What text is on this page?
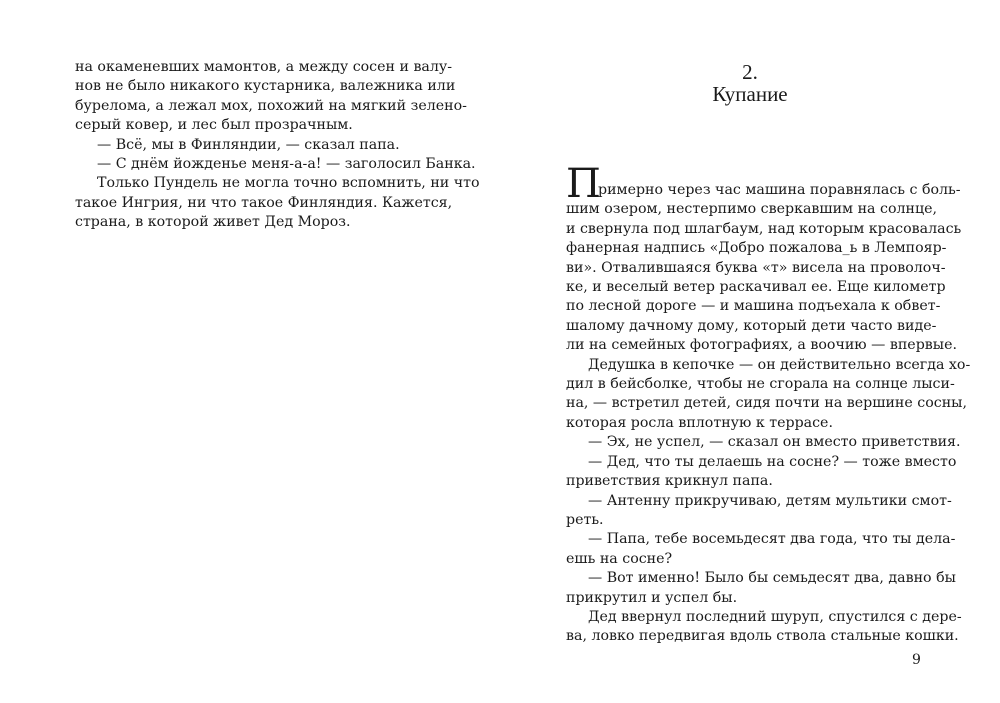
на окаменевших мамонтов, а между сосен и валу-
нов не было никакого кустарника, валежника или
бурелома, а лежал мох, похожий на мягкий зелено-
серый ковер, и лес был прозрачным.
— Всё, мы в Финляндии, — сказал папа.
— С днём йожденье меня-а-а! — заголосил Банка.
Только Пундель не могла точно вспомнить, ни что
такое Ингрия, ни что такое Финляндия. Кажется,
страна, в которой живет Дед Мороз.
2.
Купание
П
римерно через час машина поравнялась с боль-
шим озером, нестерпимо сверкавшим на солнце,
и свернула под шлагбаум, над которым красовалась
фанерная надпись «Добро пожалова_ь в Лемпояр-
ви». Отвалившаяся буква «т» висела на проволоч-
ке, и веселый ветер раскачивал ее. Еще километр
по лесной дороге — и машина подъехала к обвет-
шалому дачному дому, который дети часто виде-
ли на семейных фотографиях, а воочию — впервые.
Дедушка в кепочке — он действительно всегда хо-
дил в бейсболке, чтобы не сгорала на солнце лыси-
на, — встретил детей, сидя почти на вершине сосны,
которая росла вплотную к террасе.
— Эх, не успел, — сказал он вместо приветствия.
— Дед, что ты делаешь на сосне? — тоже вместо
приветствия крикнул папа.
— Антенну прикручиваю, детям мультики смот-
реть.
— Папа, тебе восемьдесят два года, что ты дела-
ешь на сосне?
— Вот именно! Было бы семьдесят два, давно бы
прикрутил и успел бы.
Дед ввернул последний шуруп, спустился с дере-
ва, ловко передвигая вдоль ствола стальные кошки.
9
